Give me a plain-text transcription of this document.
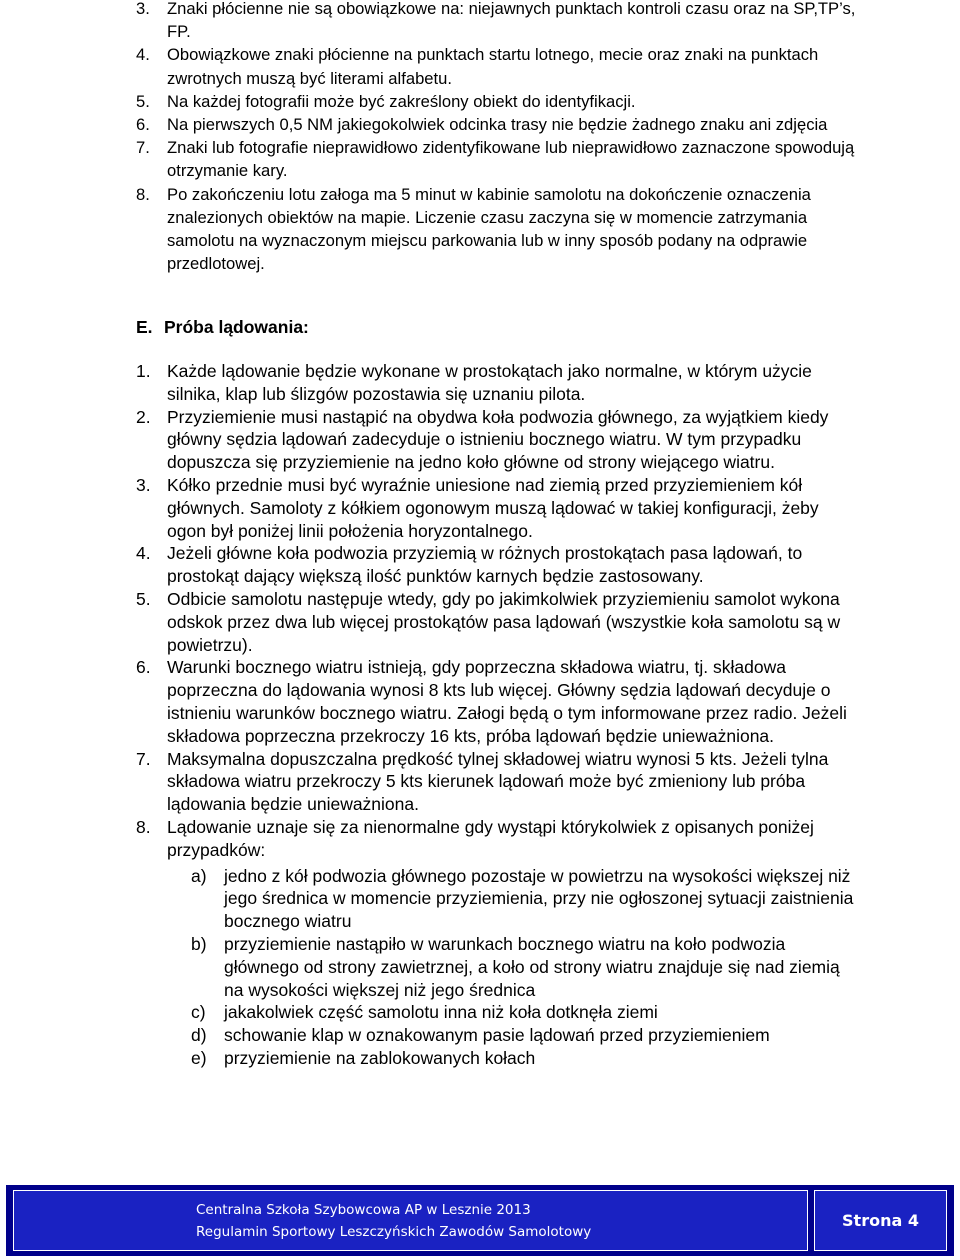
3.	Znaki płócienne nie są obowiązkowe na: niejawnych punktach kontroli czasu oraz na SP,TP’s, FP.
4.	Obowiązkowe znaki płócienne na punktach startu lotnego, mecie oraz znaki na punktach zwrotnych muszą być literami alfabetu.
5.	Na każdej fotografii może być zakreślony obiekt do identyfikacji.
6.	Na pierwszych 0,5 NM jakiegokolwiek odcinka trasy nie będzie żadnego znaku ani zdjęcia
7.	Znaki lub fotografie nieprawidłowo zidentyfikowane lub nieprawidłowo zaznaczone spowodują otrzymanie kary.
8.	Po zakończeniu lotu załoga ma 5 minut w kabinie samolotu na dokończenie oznaczenia znalezionych obiektów na mapie. Liczenie czasu zaczyna się w momencie zatrzymania samolotu na wyznaczonym miejscu parkowania lub w inny sposób podany na odprawie przedlotowej.
E. Próba lądowania:
1. Każde lądowanie będzie wykonane w prostokątach jako normalne, w którym użycie silnika, klap lub ślizgów pozostawia się uznaniu pilota.
2. Przyziemienie musi nastąpić na obydwa koła podwozia głównego, za wyjątkiem kiedy główny sędzia lądowań zadecyduje o istnieniu bocznego wiatru. W tym przypadku dopuszcza się przyziemienie na jedno koło główne od strony wiejącego wiatru.
3. Kółko przednie musi być wyraźnie uniesione nad ziemią przed przyziemieniem kół głównych. Samoloty z kółkiem ogonowym muszą lądować w takiej konfiguracji, żeby ogon był poniżej linii położenia horyzontalnego.
4. Jeżeli główne koła podwozia przyziemią w różnych prostokątach pasa lądowań, to prostokąt dający większą ilość punktów karnych będzie zastosowany.
5. Odbicie samolotu następuje wtedy, gdy po jakimkolwiek przyziemieniu samolot wykona odskok przez dwa lub więcej prostokątów pasa lądowań (wszystkie koła samolotu są w powietrzu).
6. Warunki bocznego wiatru istnieją, gdy poprzeczna składowa wiatru, tj. składowa poprzeczna do lądowania wynosi 8 kts lub więcej. Główny sędzia lądowań decyduje o istnieniu warunków bocznego wiatru. Załogi będą o tym informowane przez radio. Jeżeli składowa poprzeczna przekroczy 16 kts, próba lądowań będzie unieważniona.
7. Maksymalna dopuszczalna prędkość tylnej składowej wiatru wynosi 5 kts. Jeżeli tylna składowa wiatru przekroczy 5 kts kierunek lądowań może być zmieniony lub próba lądowania będzie unieważniona.
8. Lądowanie uznaje się za nienormalne gdy wystąpi którykolwiek z opisanych poniżej przypadków:
a) jedno z kół podwozia głównego pozostaje w powietrzu na wysokości większej niż jego średnica w momencie przyziemienia, przy nie ogłoszonej sytuacji zaistnienia bocznego wiatru
b) przyziemienie nastąpiło w warunkach bocznego wiatru na koło podwozia głównego od strony zawietrznej, a koło od strony wiatru znajduje się nad ziemią na wysokości większej niż jego średnica
c)	jakakolwiek część samolotu inna niż koła dotknęła ziemi
d) schowanie klap w oznakowanym pasie lądowań przed przyziemieniem
e) przyziemienie na zablokowanych kołach
Centralna Szkoła Szybowcowa AP w Lesznie 2013
Regulamin Sportowy Leszczyńskich Zawodów Samolotowy
Strona 4
